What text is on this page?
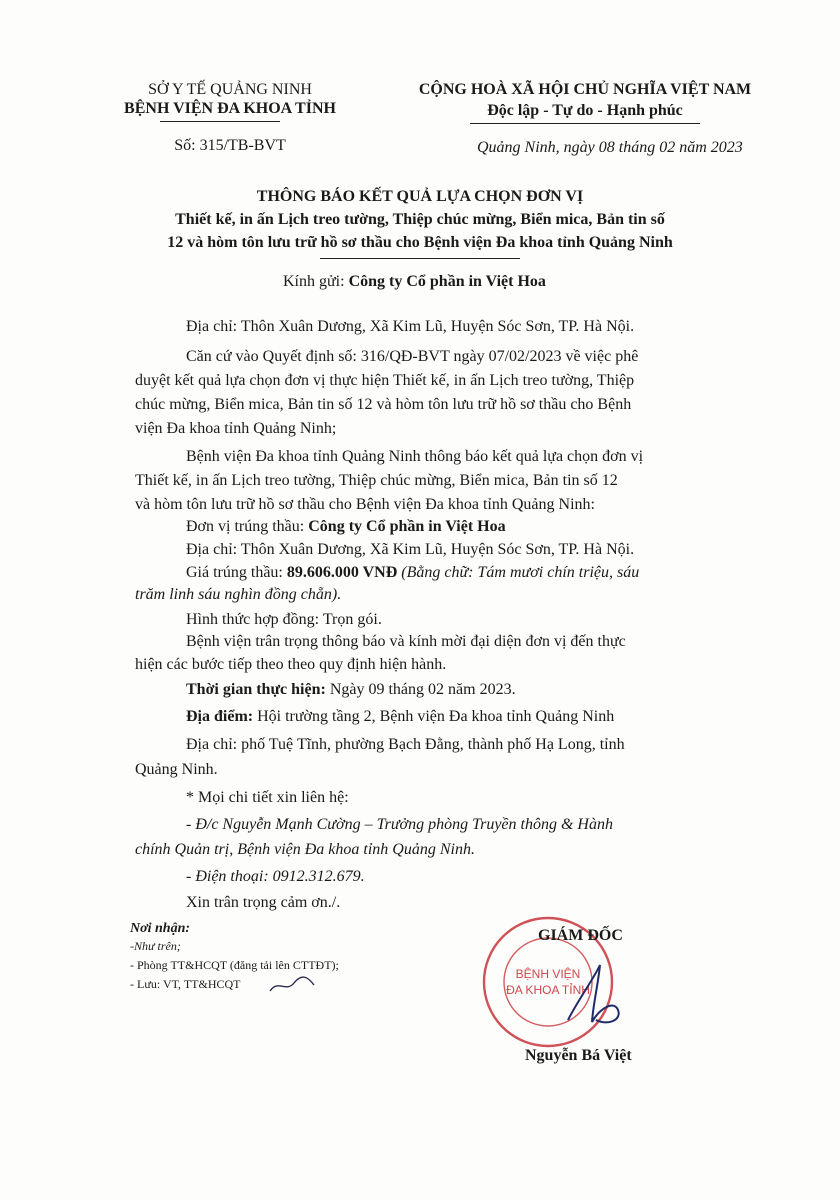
SỞ Y TẾ QUẢNG NINH
BỆNH VIỆN ĐA KHOA TỈNH
Số: 315/TB-BVT
CỘNG HOÀ XÃ HỘI CHỦ NGHĨA VIỆT NAM
Độc lập - Tự do - Hạnh phúc
Quảng Ninh, ngày 08 tháng 02 năm 2023
THÔNG BÁO KẾT QUẢ LỰA CHỌN ĐƠN VỊ
Thiết kế, in ấn Lịch treo tường, Thiệp chúc mừng, Biển mica, Bản tin số
12 và hòm tôn lưu trữ hồ sơ thầu cho Bệnh viện Đa khoa tỉnh Quảng Ninh
Kính gửi: Công ty Cổ phần in Việt Hoa
Địa chỉ: Thôn Xuân Dương, Xã Kim Lũ, Huyện Sóc Sơn, TP. Hà Nội.
Căn cứ vào Quyết định số: 316/QĐ-BVT ngày 07/02/2023 về việc phê
duyệt kết quả lựa chọn đơn vị thực hiện Thiết kế, in ấn Lịch treo tường, Thiệp
chúc mừng, Biển mica, Bản tin số 12 và hòm tôn lưu trữ hồ sơ thầu cho Bệnh
viện Đa khoa tỉnh Quảng Ninh;
Bệnh viện Đa khoa tỉnh Quảng Ninh thông báo kết quả lựa chọn đơn vị
Thiết kế, in ấn Lịch treo tường, Thiệp chúc mừng, Biển mica, Bản tin số 12
và hòm tôn lưu trữ hồ sơ thầu cho Bệnh viện Đa khoa tỉnh Quảng Ninh:
Đơn vị trúng thầu: Công ty Cổ phần in Việt Hoa
Địa chỉ: Thôn Xuân Dương, Xã Kim Lũ, Huyện Sóc Sơn, TP. Hà Nội.
Giá trúng thầu: 89.606.000 VNĐ (Bằng chữ: Tám mươi chín triệu, sáu
trăm linh sáu nghìn đồng chẵn).
Hình thức hợp đồng: Trọn gói.
Bệnh viện trân trọng thông báo và kính mời đại diện đơn vị đến thực
hiện các bước tiếp theo theo quy định hiện hành.
Thời gian thực hiện: Ngày 09 tháng 02 năm 2023.
Địa điểm: Hội trường tầng 2, Bệnh viện Đa khoa tỉnh Quảng Ninh
Địa chỉ: phố Tuệ Tĩnh, phường Bạch Đằng, thành phố Hạ Long, tỉnh
Quảng Ninh.
* Mọi chi tiết xin liên hệ:
- Đ/c Nguyễn Mạnh Cường – Trưởng phòng Truyền thông & Hành
chính Quản trị, Bệnh viện Đa khoa tỉnh Quảng Ninh.
- Điện thoại: 0912.312.679.
Xin trân trọng cảm ơn./.
Nơi nhận:
-Như trên;
- Phòng TT&HCQT (đăng tải lên CTTĐT);
- Lưu: VT, TT&HCQT
BỆNH VIỆN
ĐA KHOA TỈNH
GIÁM ĐỐC
Nguyễn Bá Việt
